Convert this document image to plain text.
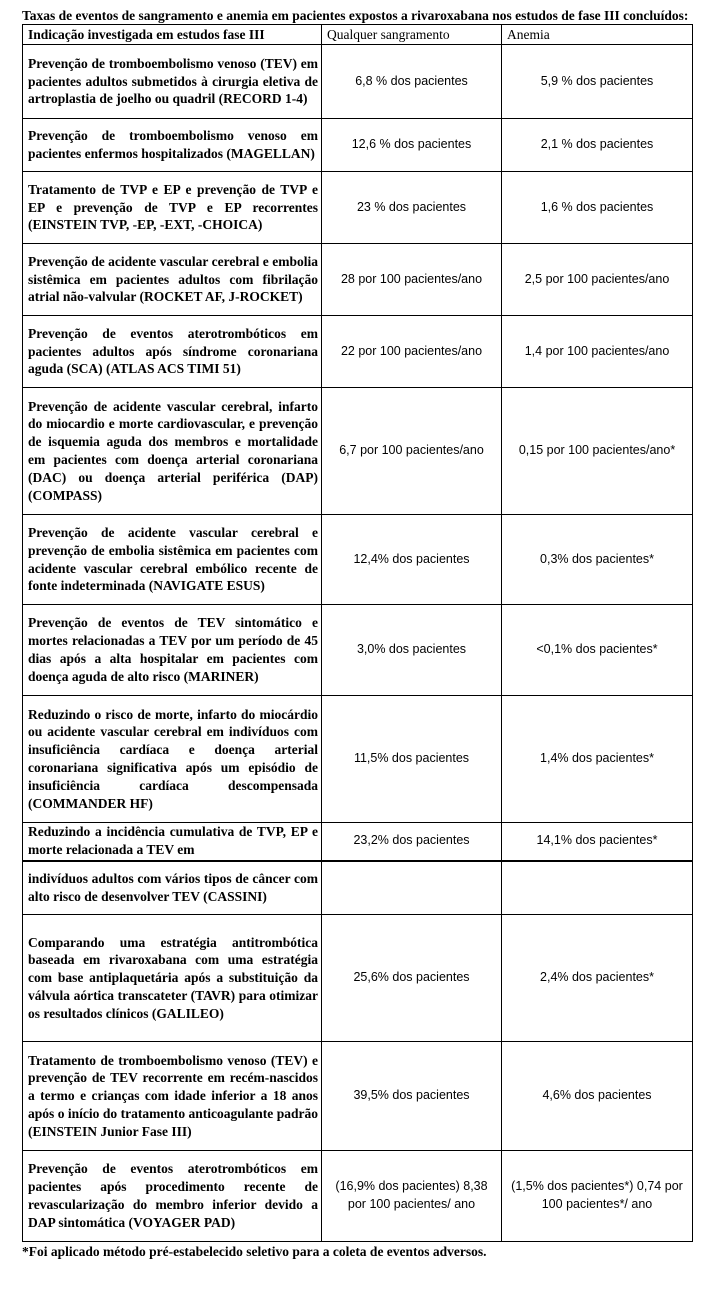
Taxas de eventos de sangramento e anemia em pacientes expostos a rivaroxabana nos estudos de fase III concluídos:
Indicação investigada em estudos fase III	Qualquer sangramento	Anemia
Prevenção de tromboembolismo venoso (TEV) em pacientes adultos submetidos à cirurgia eletiva de artroplastia de joelho ou quadril (RECORD 1-4)	6,8 % dos pacientes	5,9 % dos pacientes
Prevenção de tromboembolismo venoso em pacientes enfermos hospitalizados (MAGELLAN)	12,6 % dos pacientes	2,1 % dos pacientes
Tratamento de TVP e EP e prevenção de TVP e EP e prevenção de TVP e EP recorrentes (EINSTEIN TVP, -EP, -EXT, -CHOICA)	23 % dos pacientes	1,6 % dos pacientes
Prevenção de acidente vascular cerebral e embolia sistêmica em pacientes adultos com fibrilação atrial não-valvular (ROCKET AF, J-ROCKET)	28 por 100 pacientes/ano	2,5 por 100 pacientes/ano
Prevenção de eventos aterotrombóticos em pacientes adultos após síndrome coronariana aguda (SCA) (ATLAS ACS TIMI 51)	22 por 100 pacientes/ano	1,4 por 100 pacientes/ano
Prevenção de acidente vascular cerebral, infarto do miocardio e morte cardiovascular, e prevenção de isquemia aguda dos membros e mortalidade em pacientes com doença arterial coronariana (DAC) ou doença arterial periférica (DAP) (COMPASS)	6,7 por 100 pacientes/ano	0,15 por 100 pacientes/ano*
Prevenção de acidente vascular cerebral e prevenção de embolia sistêmica em pacientes com acidente vascular cerebral embólico recente de fonte indeterminada (NAVIGATE ESUS)	12,4% dos pacientes	0,3% dos pacientes*
Prevenção de eventos de TEV sintomático e mortes relacionadas a TEV por um período de 45 dias após a alta hospitalar em pacientes com doença aguda de alto risco (MARINER)	3,0% dos pacientes	<0,1% dos pacientes*
Reduzindo o risco de morte, infarto do miocárdio ou acidente vascular cerebral em indivíduos com insuficiência cardíaca e doença arterial coronariana significativa após um episódio de insuficiência cardíaca descompensada (COMMANDER HF)	11,5% dos pacientes	1,4% dos pacientes*
Reduzindo a incidência cumulativa de TVP, EP e morte relacionada a TEV em	23,2% dos pacientes	14,1% dos pacientes*
indivíduos adultos com vários tipos de câncer com alto risco de desenvolver TEV (CASSINI)		
Comparando uma estratégia antitrombótica baseada em rivaroxabana com uma estratégia com base antiplaquetária após a substituição da válvula aórtica transcateter (TAVR) para otimizar os resultados clínicos (GALILEO)	25,6% dos pacientes	2,4% dos pacientes*
Tratamento de tromboembolismo venoso (TEV) e prevenção de TEV recorrente em recém-nascidos a termo e crianças com idade inferior a 18 anos após o início do tratamento anticoagulante padrão (EINSTEIN Junior Fase III)	39,5% dos pacientes	4,6% dos pacientes
Prevenção de eventos aterotrombóticos em pacientes após procedimento recente de revascularização do membro inferior devido a DAP sintomática (VOYAGER PAD)	(16,9% dos pacientes) 8,38 por 100 pacientes/ ano	(1,5% dos pacientes*) 0,74 por 100 pacientes*/ ano
*Foi aplicado método pré-estabelecido seletivo para a coleta de eventos adversos.
